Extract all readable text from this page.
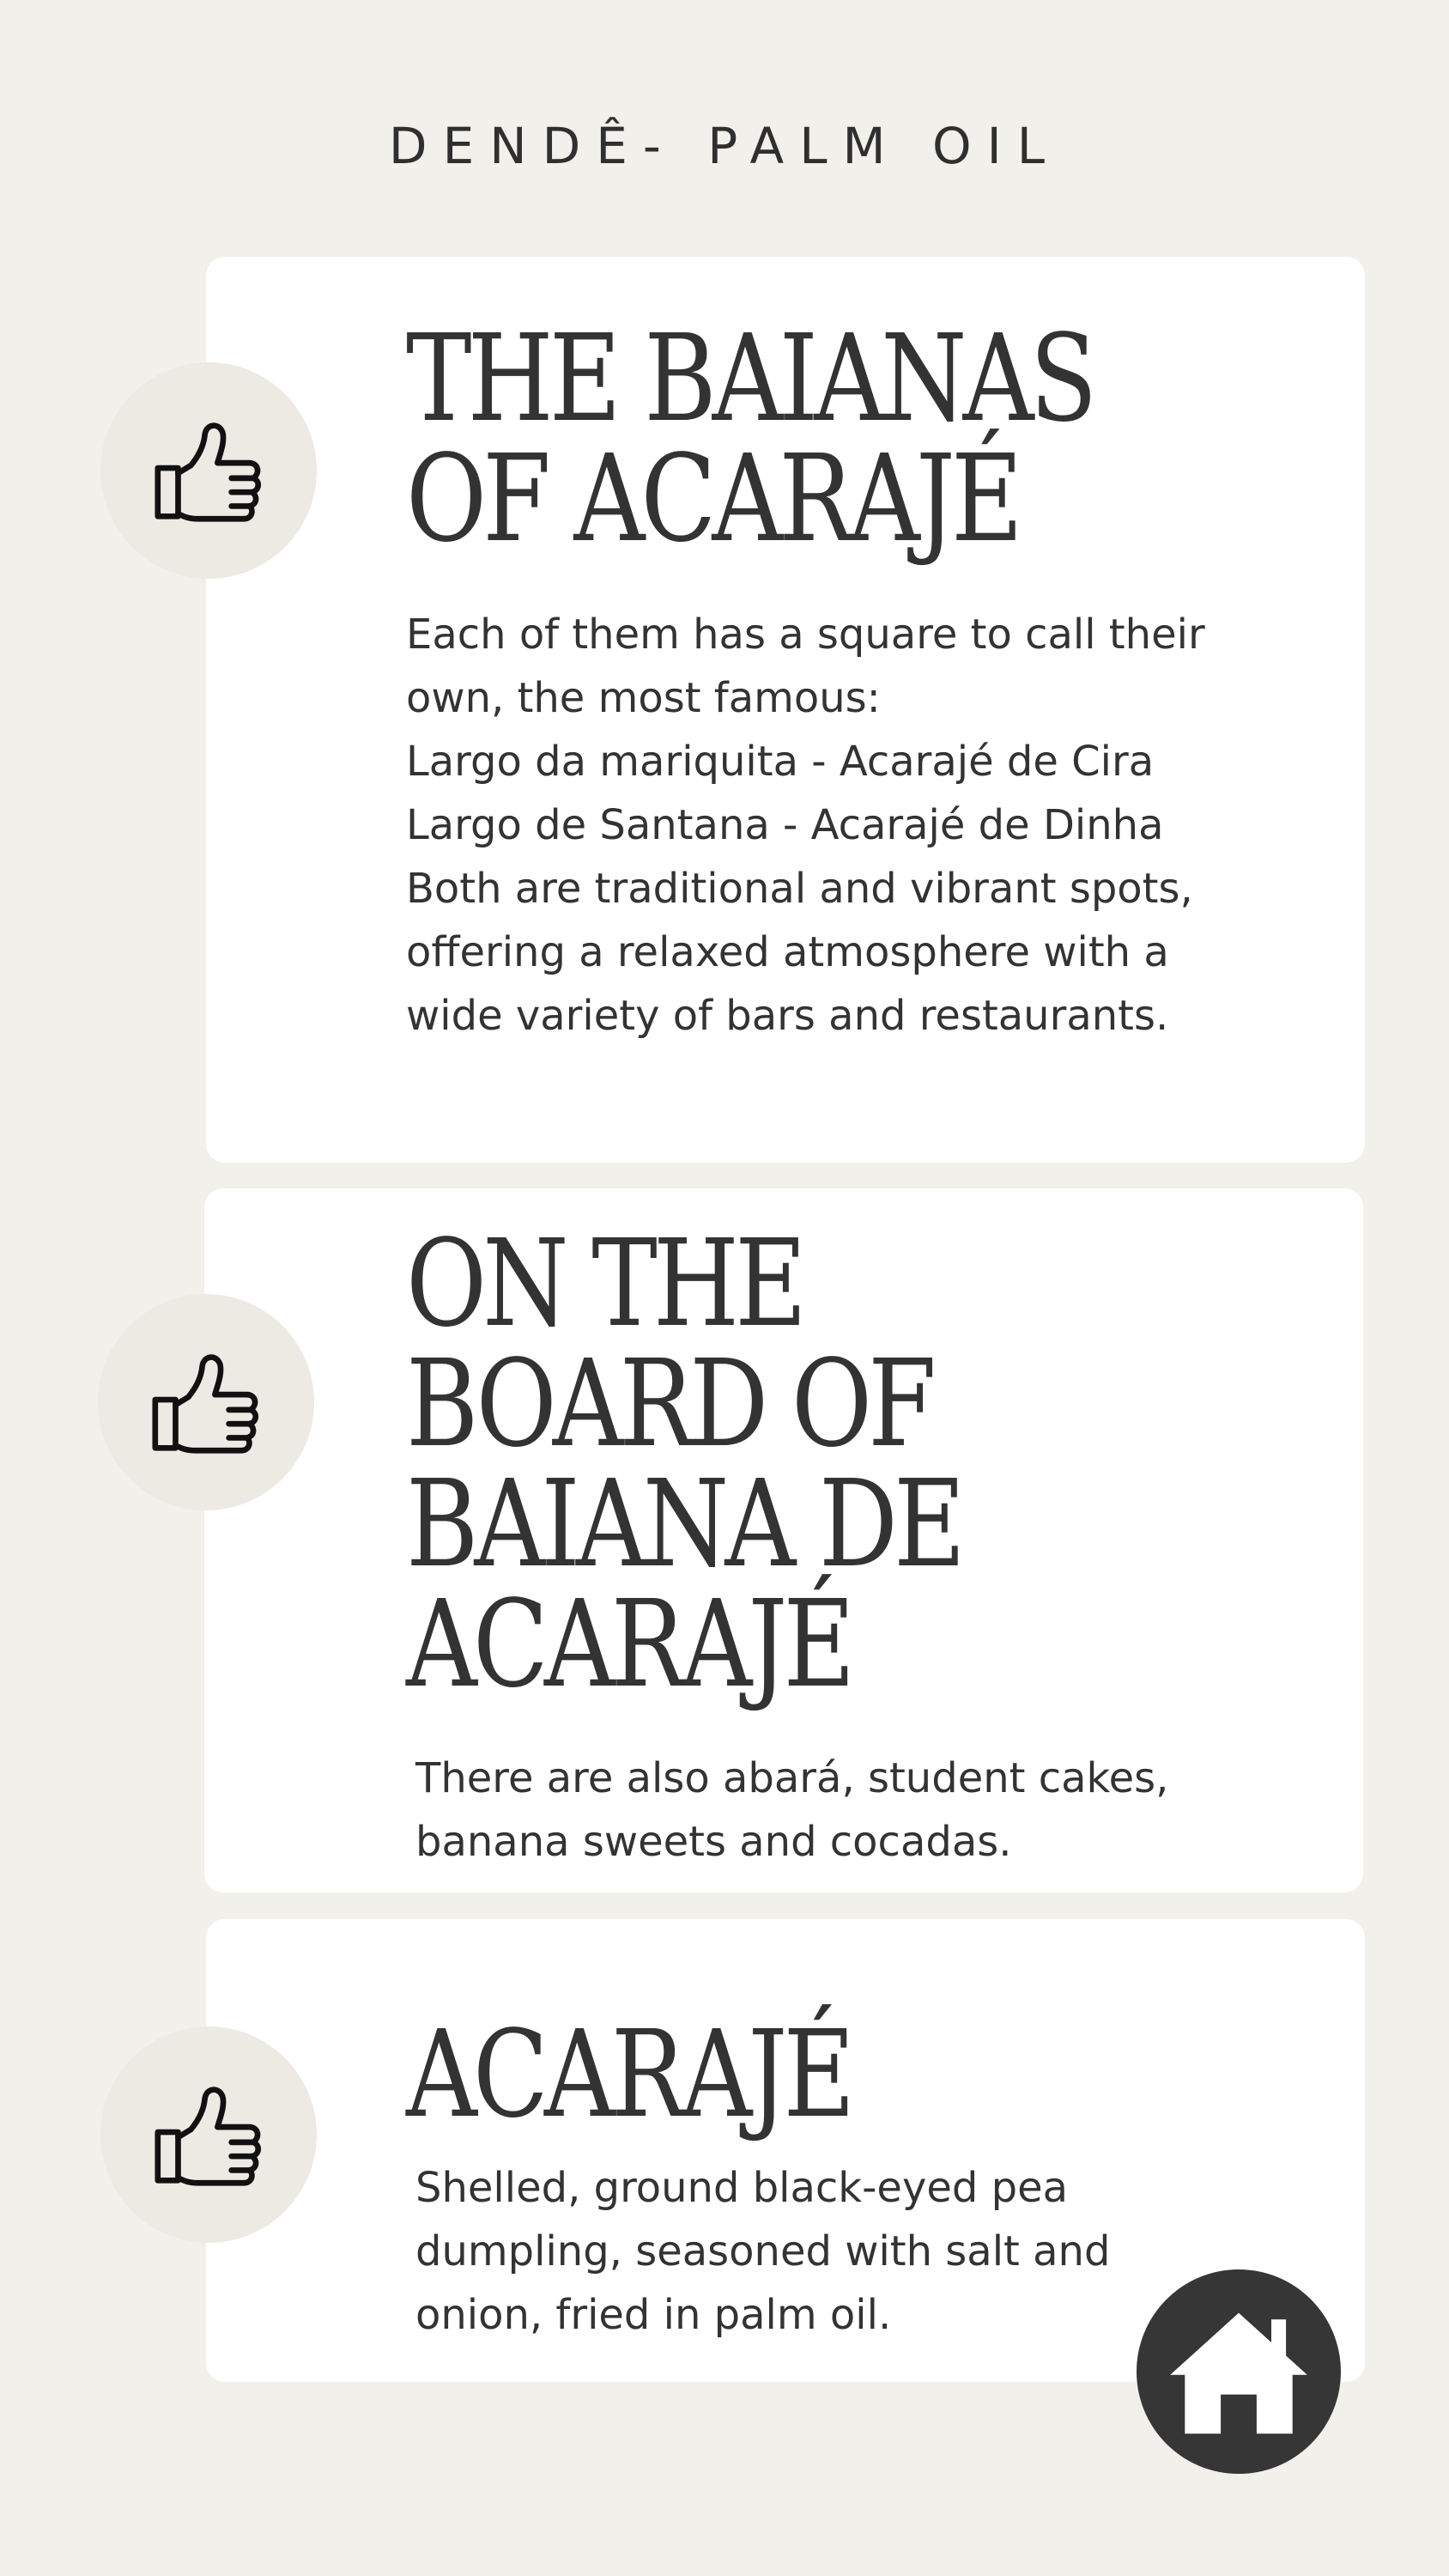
DENDÊ- PALM OIL
THE BAIANAS
OF ACARAJÉ
Each of them has a square to call their
own, the most famous:
Largo da mariquita - Acarajé de Cira
Largo de Santana - Acarajé de Dinha
Both are traditional and vibrant spots,
offering a relaxed atmosphere with a
wide variety of bars and restaurants.
ON THE
BOARD OF
BAIANA DE
ACARAJÉ
There are also abará, student cakes,
banana sweets and cocadas.
ACARAJÉ
Shelled, ground black-eyed pea
dumpling, seasoned with salt and
onion, fried in palm oil.
